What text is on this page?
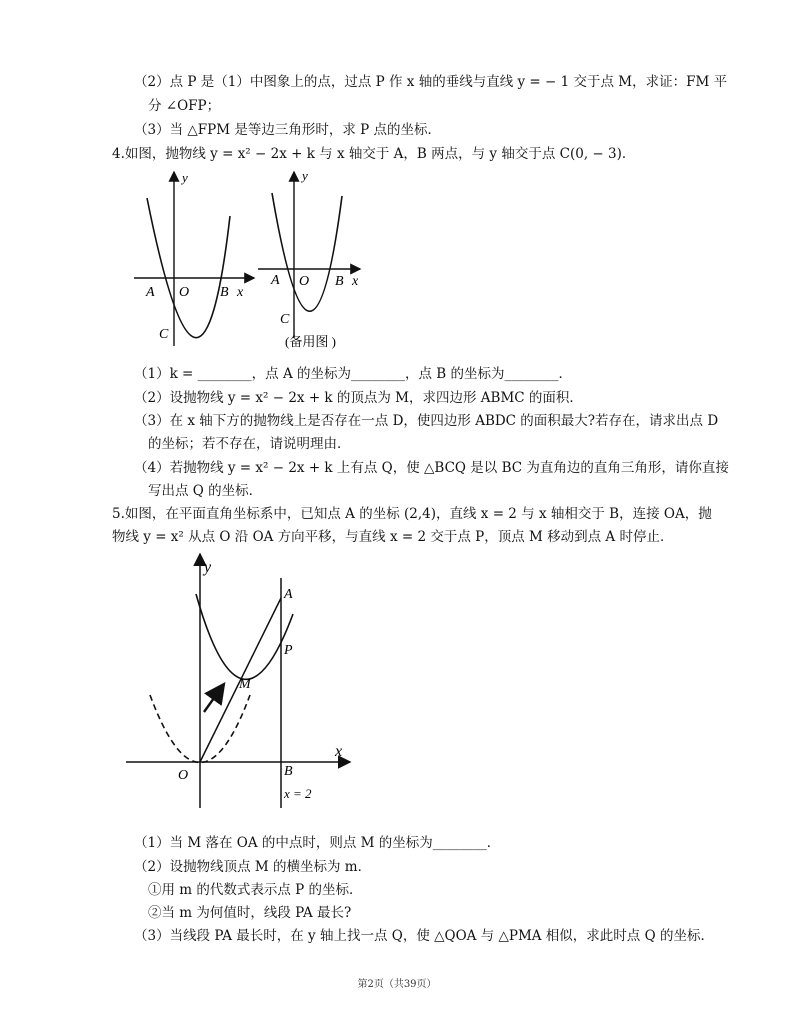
（2）点 P 是（1）中图象上的点，过点 P 作 x 轴的垂线与直线 y = − 1 交于点 M，求证：FM 平
分 ∠OFP；
（3）当 △FPM 是等边三角形时，求 P 点的坐标．
4.如图，抛物线 y = x² − 2x + k 与 x 轴交于 A，B 两点，与 y 轴交于点 C(0, − 3)．
y
A O B x
C
y
A O B x
C
(备用图 )
（1）k = ________，点 A 的坐标为________，点 B 的坐标为________．
（2）设抛物线 y = x² − 2x + k 的顶点为 M，求四边形 ABMC 的面积．
（3）在 x 轴下方的抛物线上是否存在一点 D，使四边形 ABDC 的面积最大?若存在，请求出点 D
的坐标；若不存在，请说明理由．
（4）若抛物线 y = x² − 2x + k 上有点 Q，使 △BCQ 是以 BC 为直角边的直角三角形，请你直接
写出点 Q 的坐标．
5.如图，在平面直角坐标系中，已知点 A 的坐标 (2,4)，直线 x = 2 与 x 轴相交于 B，连接 OA，抛
物线 y = x² 从点 O 沿 OA 方向平移，与直线 x = 2 交于点 P，顶点 M 移动到点 A 时停止．
y
A
P
M
x
O	B
x = 2
（1）当 M 落在 OA 的中点时，则点 M 的坐标为________．
（2）设抛物线顶点 M 的横坐标为 m．
①用 m 的代数式表示点 P 的坐标．
②当 m 为何值时，线段 PA 最长?
（3）当线段 PA 最长时，在 y 轴上找一点 Q，使 △QOA 与 △PMA 相似，求此时点 Q 的坐标．
第2页（共39页）
